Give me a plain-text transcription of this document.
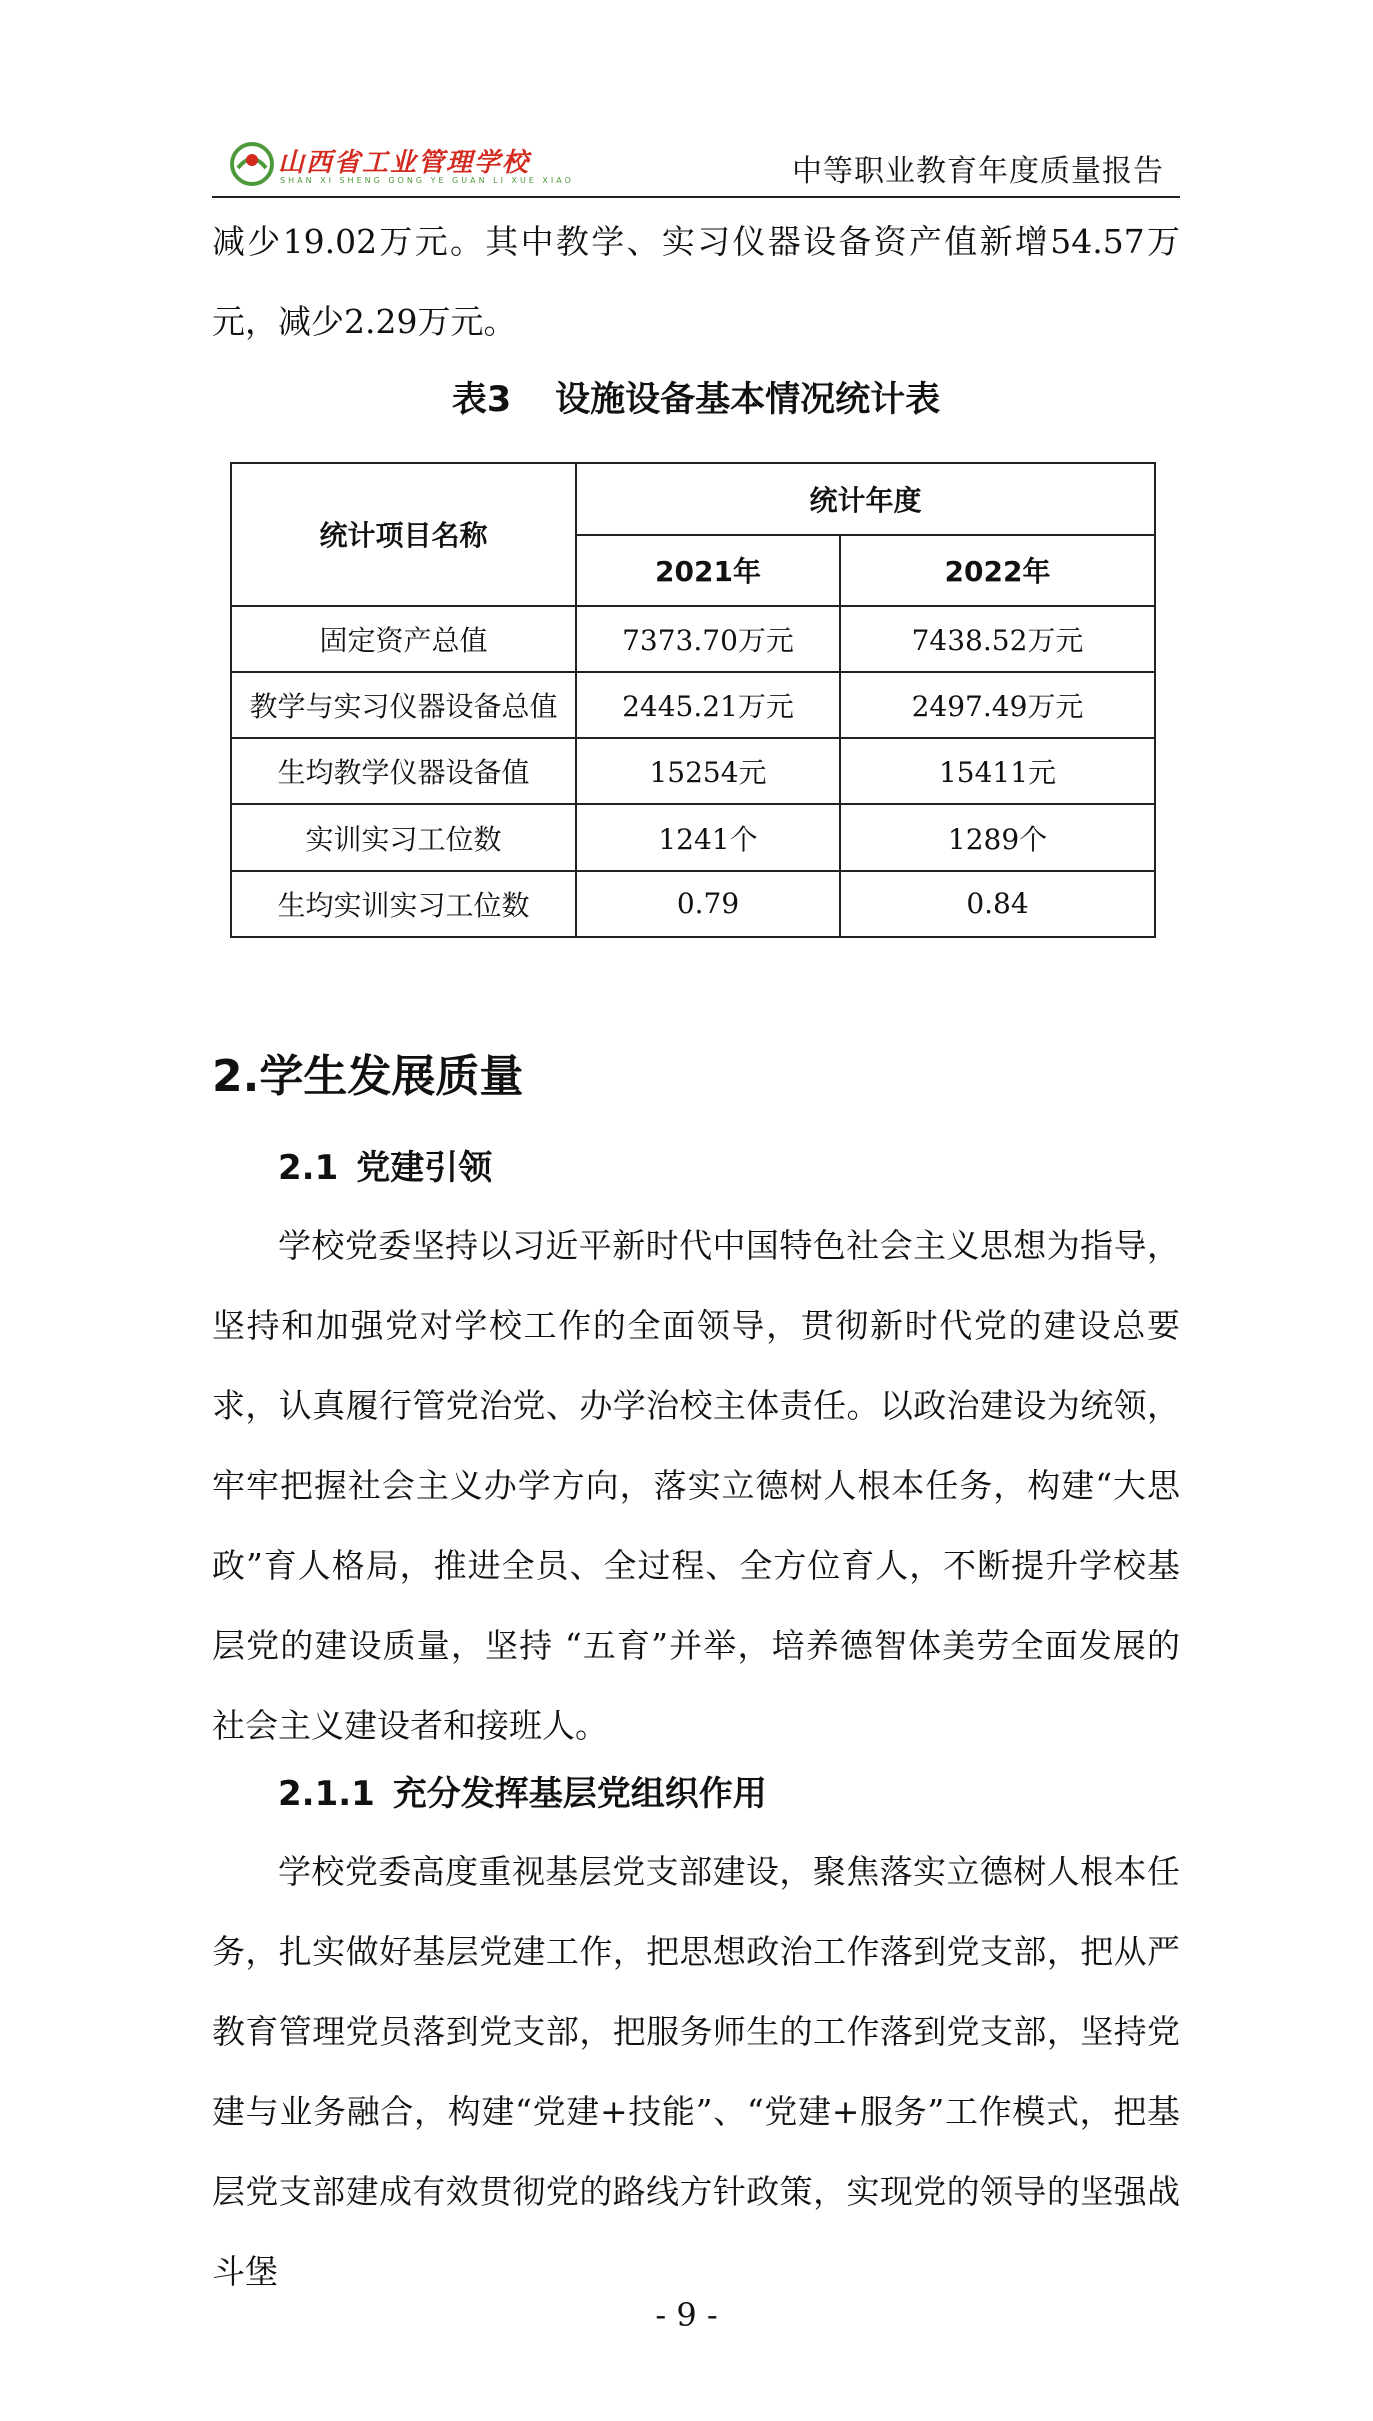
山西省工业管理学校
SHAN XI SHENG GONG YE GUAN LI XUE XIAO	中等职业教育年度质量报告

减少19.02万元。其中教学、实习仪器设备资产值新增54.57万元，减少2.29万元。

表3 设施设备基本情况统计表
统计项目名称	统计年度	
	2021年	2022年
固定资产总值	7373.70万元	7438.52万元
教学与实习仪器设备总值	2445.21万元	2497.49万元
生均教学仪器设备值	15254元	15411元
实训实习工位数	1241个	1289个
生均实训实习工位数	0.79	0.84
2.学生发展质量
2.1 党建引领

学校党委坚持以习近平新时代中国特色社会主义思想为指导，坚持和加强党对学校工作的全面领导，贯彻新时代党的建设总要求，认真履行管党治党、办学治校主体责任。以政治建设为统领，牢牢把握社会主义办学方向，落实立德树人根本任务，构建“大思政”育人格局，推进全员、全过程、全方位育人，不断提升学校基层党的建设质量，坚持 “五育”并举，培养德智体美劳全面发展的社会主义建设者和接班人。

2.1.1 充分发挥基层党组织作用

学校党委高度重视基层党支部建设，聚焦落实立德树人根本任务，扎实做好基层党建工作，把思想政治工作落到党支部，把从严教育管理党员落到党支部，把服务师生的工作落到党支部，坚持党建与业务融合，构建“党建+技能”、“党建+服务”工作模式，把基层党支部建成有效贯彻党的路线方针政策，实现党的领导的坚强战斗堡

- 9 -
